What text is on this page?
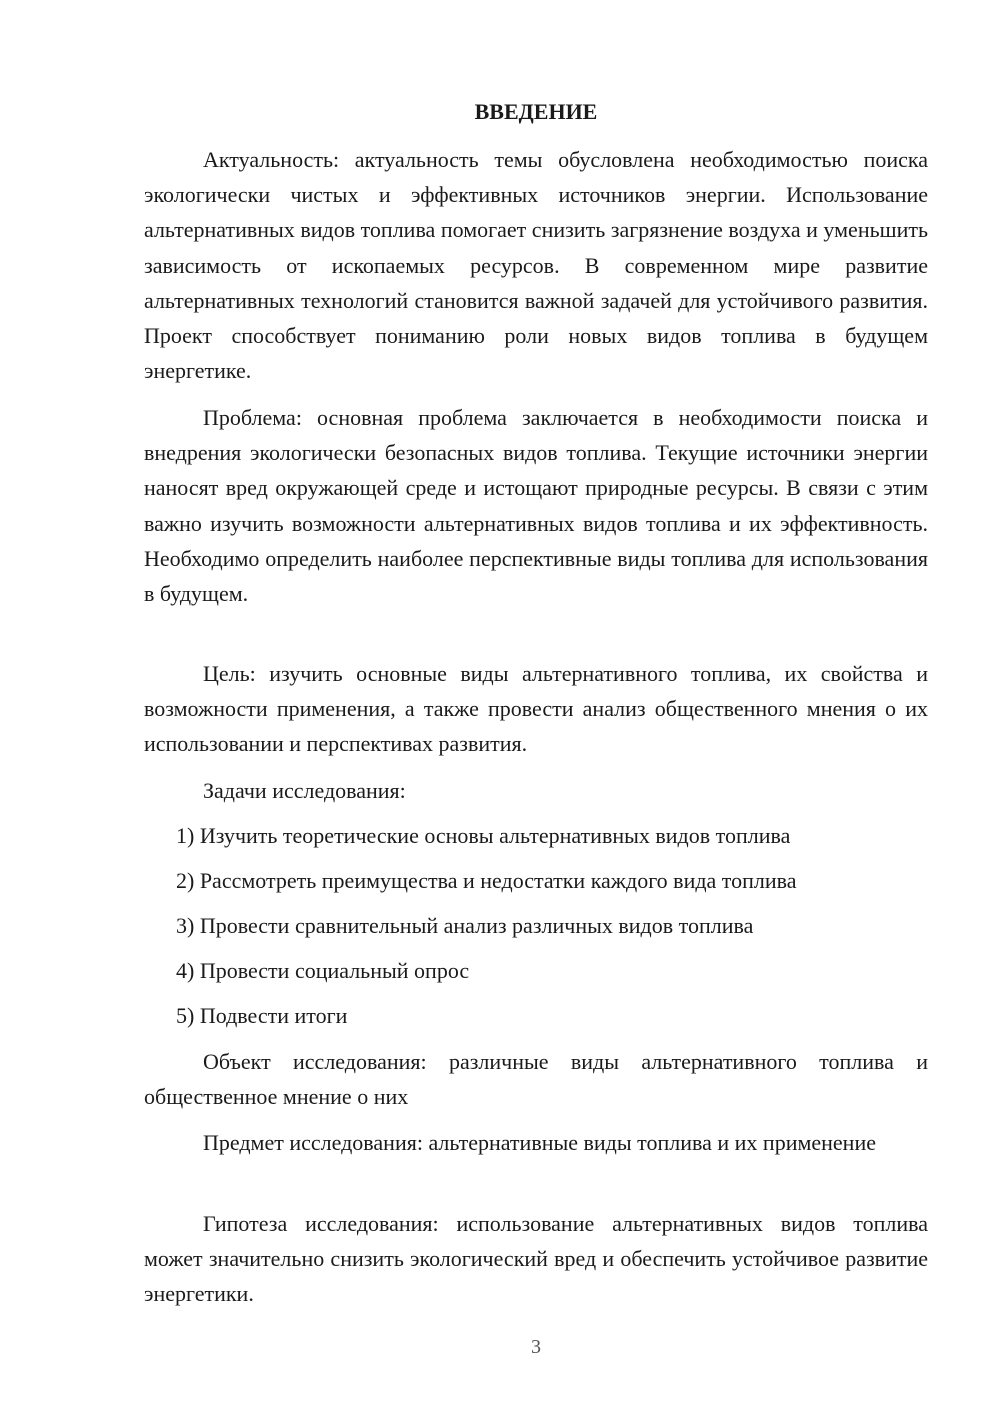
ВВЕДЕНИЕ

Актуальность: актуальность темы обусловлена необходимостью поиска экологически чистых и эффективных источников энергии. Использование альтернативных видов топлива помогает снизить загрязнение воздуха и уменьшить зависимость от ископаемых ресурсов. В современном мире развитие альтернативных технологий становится важной задачей для устойчивого развития. Проект способствует пониманию роли новых видов топлива в будущем энергетике.

Проблема: основная проблема заключается в необходимости поиска и внедрения экологически безопасных видов топлива. Текущие источники энергии наносят вред окружающей среде и истощают природные ресурсы. В связи с этим важно изучить возможности альтернативных видов топлива и их эффективность. Необходимо определить наиболее перспективные виды топлива для использования в будущем.

Цель: изучить основные виды альтернативного топлива, их свойства и возможности применения, а также провести анализ общественного мнения о их использовании и перспективах развития.

Задачи исследования:

1) Изучить теоретические основы альтернативных видов топлива

2) Рассмотреть преимущества и недостатки каждого вида топлива

3) Провести сравнительный анализ различных видов топлива

4) Провести социальный опрос

5) Подвести итоги

Объект исследования: различные виды альтернативного топлива и общественное мнение о них

Предмет исследования: альтернативные виды топлива и их применение

Гипотеза исследования: использование альтернативных видов топлива может значительно снизить экологический вред и обеспечить устойчивое развитие энергетики.

3
